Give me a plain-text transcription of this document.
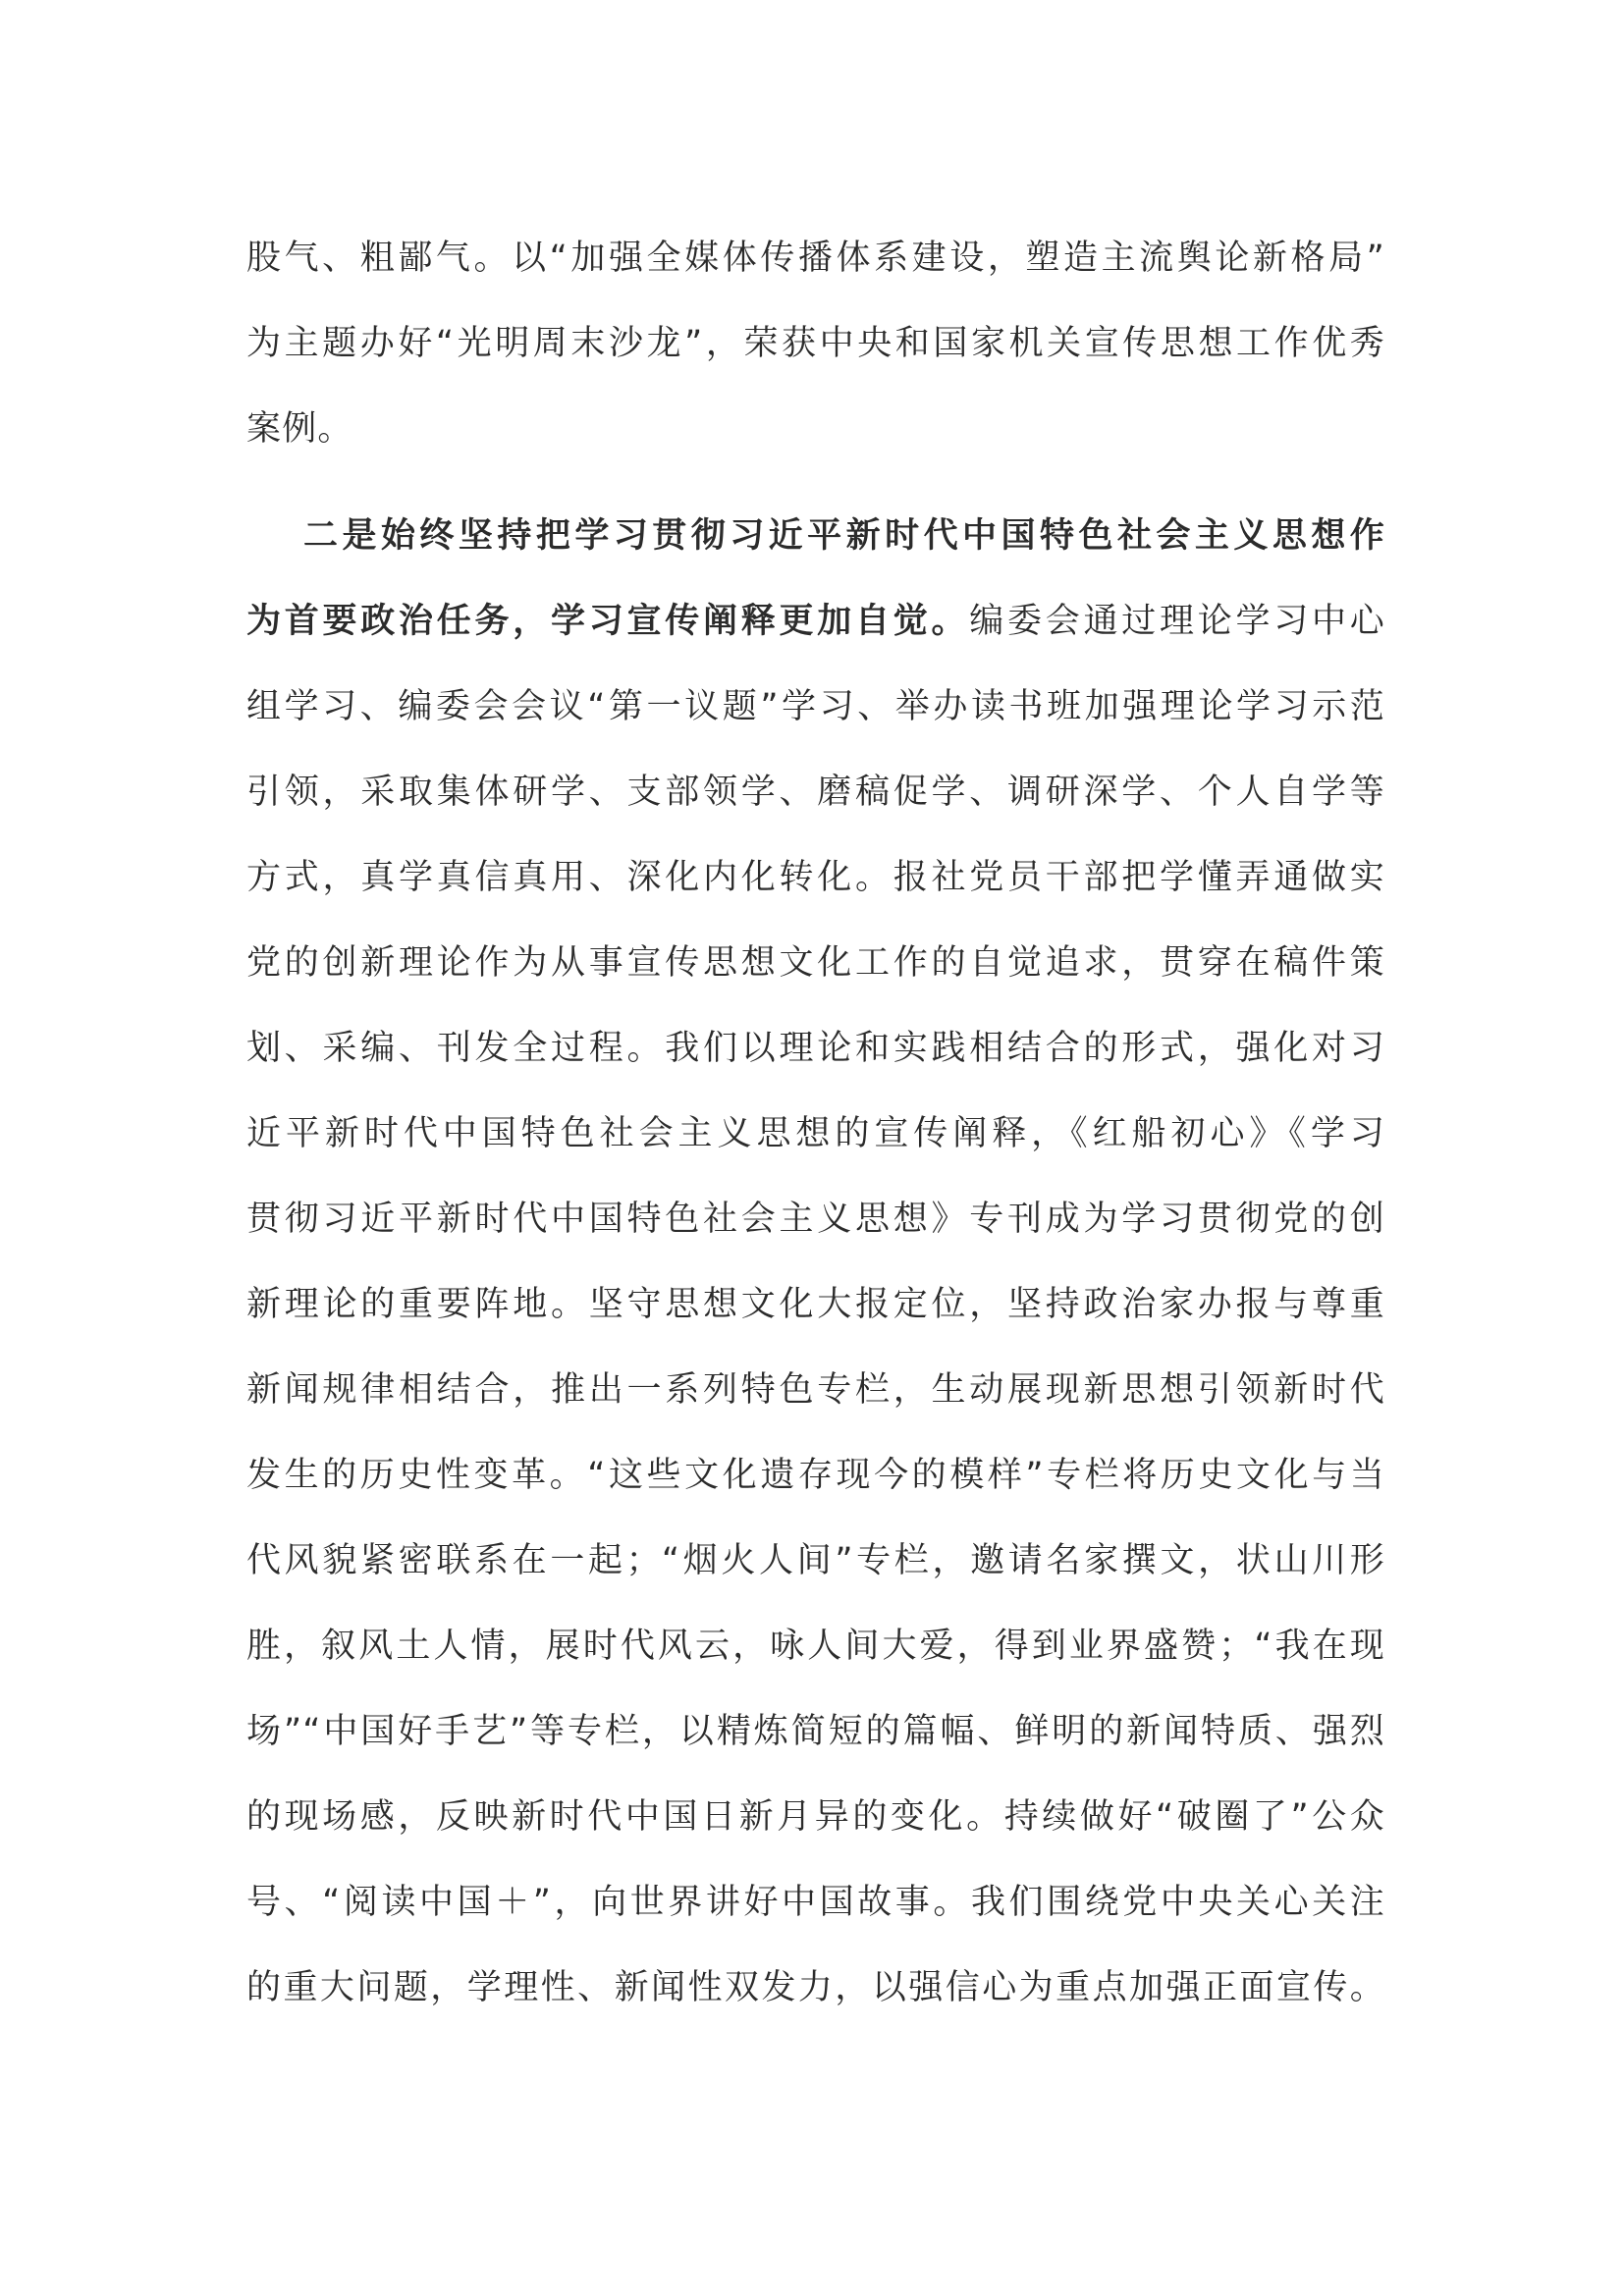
股气、粗鄙气。以“加强全媒体传播体系建设，塑造主流舆论新格局”
为主题办好“光明周末沙龙”，荣获中央和国家机关宣传思想工作优秀
案例。
二是始终坚持把学习贯彻习近平新时代中国特色社会主义思想作
为首要政治任务，学习宣传阐释更加自觉。编委会通过理论学习中心
组学习、编委会会议“第一议题”学习、举办读书班加强理论学习示范
引领，采取集体研学、支部领学、磨稿促学、调研深学、个人自学等
方式，真学真信真用、深化内化转化。报社党员干部把学懂弄通做实
党的创新理论作为从事宣传思想文化工作的自觉追求，贯穿在稿件策
划、采编、刊发全过程。我们以理论和实践相结合的形式，强化对习
近平新时代中国特色社会主义思想的宣传阐释，《红船初心》《学习
贯彻习近平新时代中国特色社会主义思想》专刊成为学习贯彻党的创
新理论的重要阵地。坚守思想文化大报定位，坚持政治家办报与尊重
新闻规律相结合，推出一系列特色专栏，生动展现新思想引领新时代
发生的历史性变革。“这些文化遗存现今的模样”专栏将历史文化与当
代风貌紧密联系在一起；“烟火人间”专栏，邀请名家撰文，状山川形
胜，叙风土人情，展时代风云，咏人间大爱，得到业界盛赞；“我在现
场”“中国好手艺”等专栏，以精炼简短的篇幅、鲜明的新闻特质、强烈
的现场感，反映新时代中国日新月异的变化。持续做好“破圈了”公众
号、“阅读中国＋”，向世界讲好中国故事。我们围绕党中央关心关注
的重大问题，学理性、新闻性双发力，以强信心为重点加强正面宣传。
